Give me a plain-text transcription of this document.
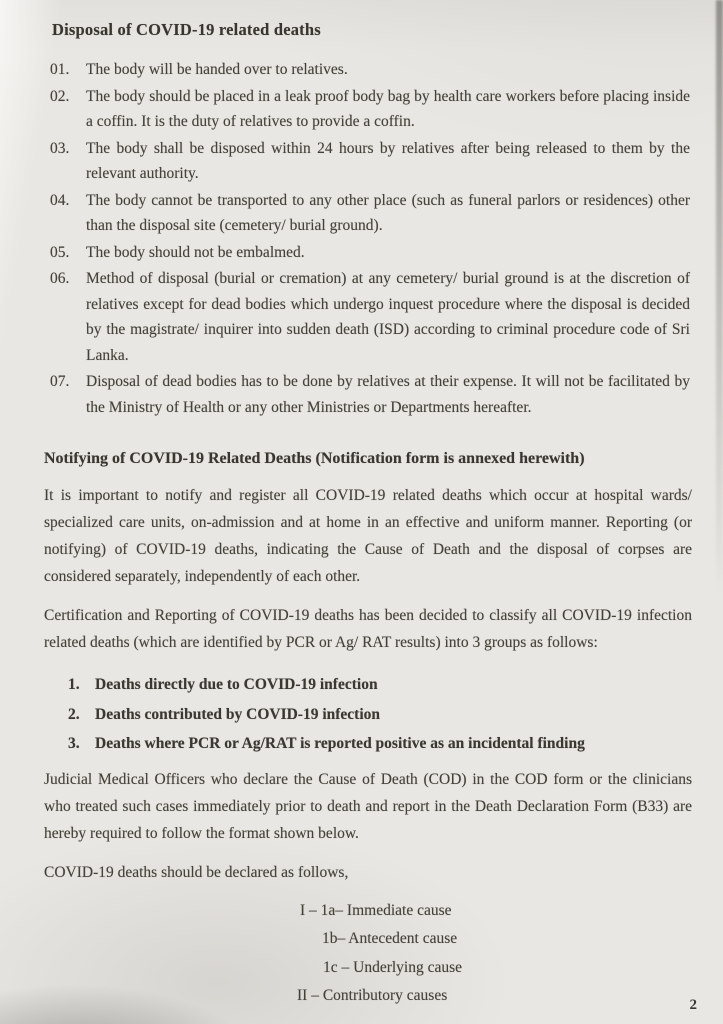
Disposal of COVID-19 related deaths
01.	The body will be handed over to relatives.
02.	The body should be placed in a leak proof body bag by health care workers before placing inside a coffin. It is the duty of relatives to provide a coffin.
03.	The body shall be disposed within 24 hours by relatives after being released to them by the relevant authority.
04.	The body cannot be transported to any other place (such as funeral parlors or residences) other than the disposal site (cemetery/ burial ground).
05.	The body should not be embalmed.
06.	Method of disposal (burial or cremation) at any cemetery/ burial ground is at the discretion of relatives except for dead bodies which undergo inquest procedure where the disposal is decided by the magistrate/ inquirer into sudden death (ISD) according to criminal procedure code of Sri Lanka.
07.	Disposal of dead bodies has to be done by relatives at their expense. It will not be facilitated by the Ministry of Health or any other Ministries or Departments hereafter.
Notifying of COVID-19 Related Deaths (Notification form is annexed herewith)
It is important to notify and register all COVID-19 related deaths which occur at hospital wards/ specialized care units, on-admission and at home in an effective and uniform manner. Reporting (or notifying) of COVID-19 deaths, indicating the Cause of Death and the disposal of corpses are considered separately, independently of each other.
Certification and Reporting of COVID-19 deaths has been decided to classify all COVID-19 infection related deaths (which are identified by PCR or Ag/ RAT results) into 3 groups as follows:
1. Deaths directly due to COVID-19 infection
2. Deaths contributed by COVID-19 infection
3. Deaths where PCR or Ag/RAT is reported positive as an incidental finding
Judicial Medical Officers who declare the Cause of Death (COD) in the COD form or the clinicians who treated such cases immediately prior to death and report in the Death Declaration Form (B33) are hereby required to follow the format shown below.
COVID-19 deaths should be declared as follows,
I – 1a– Immediate cause
1b– Antecedent cause
1c – Underlying cause
II – Contributory causes
2
